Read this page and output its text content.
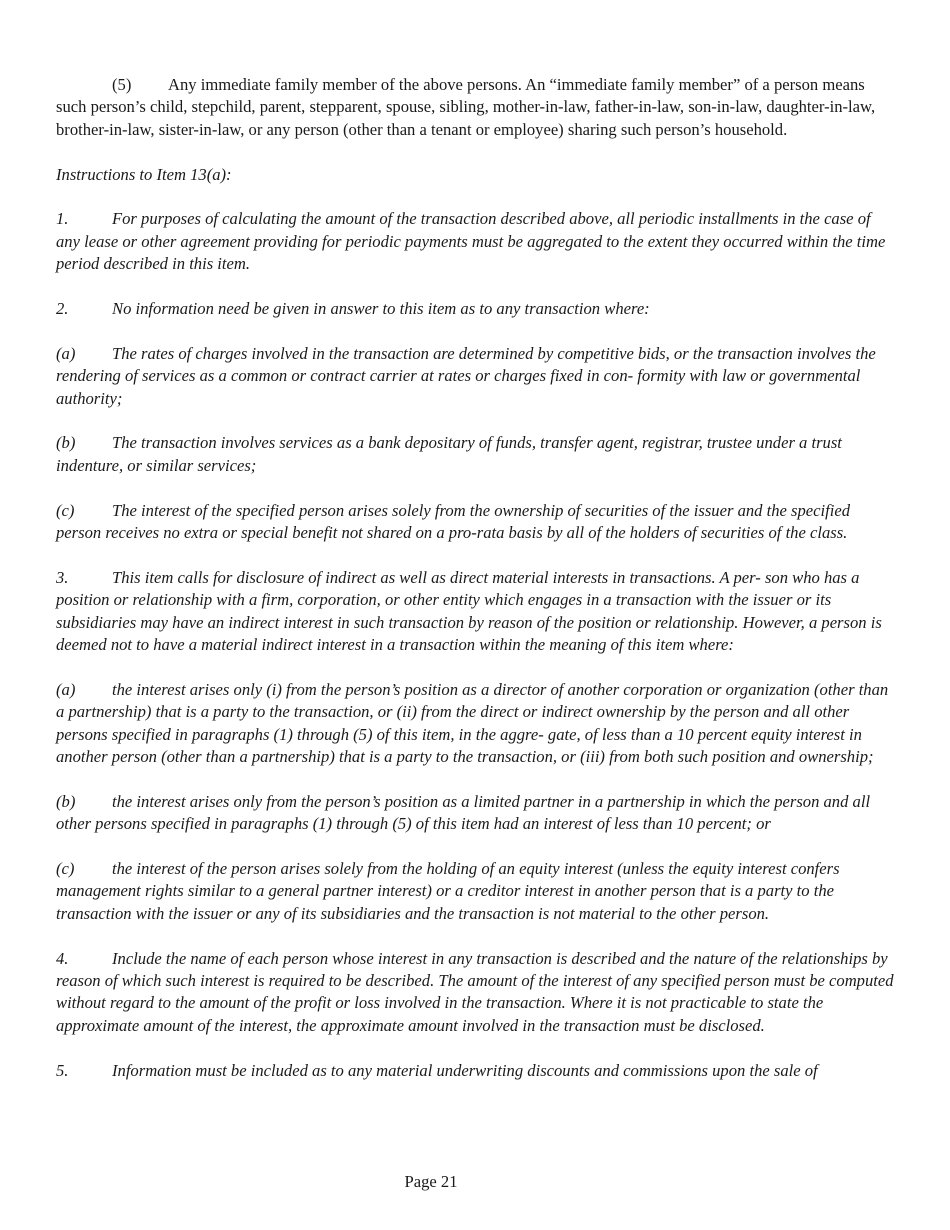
(5) Any immediate family member of the above persons. An “immediate family member” of a person means such person’s child, stepchild, parent, stepparent, spouse, sibling, mother-in-law, father-in-law, son-in-law, daughter-in-law, brother-in-law, sister-in-law, or any person (other than a tenant or employee) sharing such person’s household.

Instructions to Item 13(a):

1.	For purposes of calculating the amount of the transaction described above, all periodic installments in the case of any lease or other agreement providing for periodic payments must be aggregated to the extent they occurred within the time period described in this item.

2.	No information need be given in answer to this item as to any transaction where:

(a) The rates of charges involved in the transaction are determined by competitive bids, or the transaction involves the rendering of services as a common or contract carrier at rates or charges fixed in con- formity with law or governmental authority;

(b) The transaction involves services as a bank depositary of funds, transfer agent, registrar, trustee under a trust indenture, or similar services;

(c) The interest of the specified person arises solely from the ownership of securities of the issuer and the specified person receives no extra or special benefit not shared on a pro-rata basis by all of the holders of securities of the class.

3.	This item calls for disclosure of indirect as well as direct material interests in transactions. A per- son who has a position or relationship with a firm, corporation, or other entity which engages in a transaction with the issuer or its subsidiaries may have an indirect interest in such transaction by reason of the position or relationship. However, a person is deemed not to have a material indirect interest in a transaction within the meaning of this item where:

(a) the interest arises only (i) from the person’s position as a director of another corporation or organization (other than a partnership) that is a party to the transaction, or (ii) from the direct or indirect ownership by the person and all other persons specified in paragraphs (1) through (5) of this item, in the aggre- gate, of less than a 10 percent equity interest in another person (other than a partnership) that is a party to the transaction, or (iii) from both such position and ownership;

(b) the interest arises only from the person’s position as a limited partner in a partnership in which the person and all other persons specified in paragraphs (1) through (5) of this item had an interest of less than 10 percent; or

(c) the interest of the person arises solely from the holding of an equity interest (unless the equity interest confers management rights similar to a general partner interest) or a creditor interest in another person that is a party to the transaction with the issuer or any of its subsidiaries and the transaction is not material to the other person.

4.	Include the name of each person whose interest in any transaction is described and the nature of the relationships by reason of which such interest is required to be described. The amount of the interest of any specified person must be computed without regard to the amount of the profit or loss involved in the transaction. Where it is not practicable to state the approximate amount of the interest, the approximate amount involved in the transaction must be disclosed.

5.	Information must be included as to any material underwriting discounts and commissions upon the sale of

Page 21
